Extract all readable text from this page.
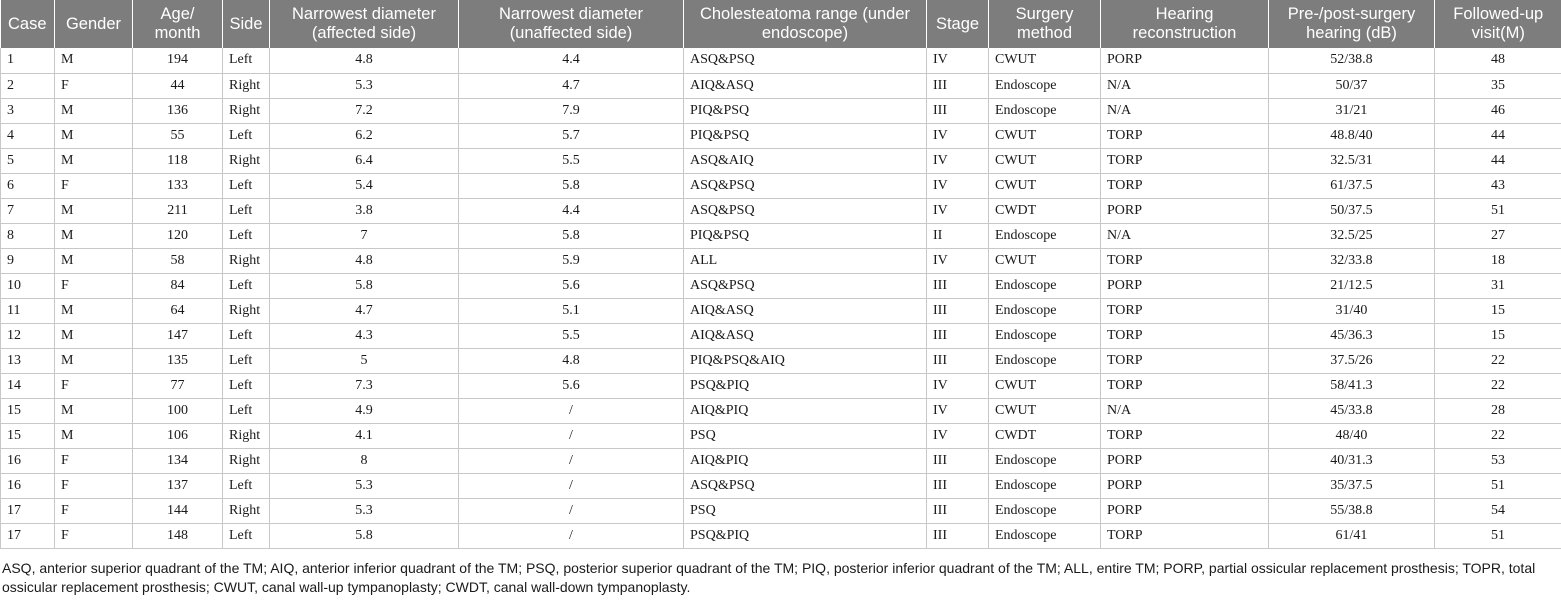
Case	Gender	Age/ month	Side	Narrowest diameter (affected side)	Narrowest diameter (unaffected side)	Cholesteatoma range (under endoscope)	Stage	Surgery method	Hearing reconstruction	Pre-/post-surgery hearing (dB)	Followed-up visit(M)
1	M	194	Left	4.8	4.4	ASQ&PSQ	IV	CWUT	PORP	52/38.8	48
2	F	44	Right	5.3	4.7	AIQ&ASQ	III	Endoscope	N/A	50/37	35
3	M	136	Right	7.2	7.9	PIQ&PSQ	III	Endoscope	N/A	31/21	46
4	M	55	Left	6.2	5.7	PIQ&PSQ	IV	CWUT	TORP	48.8/40	44
5	M	118	Right	6.4	5.5	ASQ&AIQ	IV	CWUT	TORP	32.5/31	44
6	F	133	Left	5.4	5.8	ASQ&PSQ	IV	CWUT	TORP	61/37.5	43
7	M	211	Left	3.8	4.4	ASQ&PSQ	IV	CWDT	PORP	50/37.5	51
8	M	120	Left	7	5.8	PIQ&PSQ	II	Endoscope	N/A	32.5/25	27
9	M	58	Right	4.8	5.9	ALL	IV	CWUT	TORP	32/33.8	18
10	F	84	Left	5.8	5.6	ASQ&PSQ	III	Endoscope	PORP	21/12.5	31
11	M	64	Right	4.7	5.1	AIQ&ASQ	III	Endoscope	TORP	31/40	15
12	M	147	Left	4.3	5.5	AIQ&ASQ	III	Endoscope	TORP	45/36.3	15
13	M	135	Left	5	4.8	PIQ&PSQ&AIQ	III	Endoscope	TORP	37.5/26	22
14	F	77	Left	7.3	5.6	PSQ&PIQ	IV	CWUT	TORP	58/41.3	22
15	M	100	Left	4.9	/	AIQ&PIQ	IV	CWUT	N/A	45/33.8	28
15	M	106	Right	4.1	/	PSQ	IV	CWDT	TORP	48/40	22
16	F	134	Right	8	/	AIQ&PIQ	III	Endoscope	PORP	40/31.3	53
16	F	137	Left	5.3	/	ASQ&PSQ	III	Endoscope	PORP	35/37.5	51
17	F	144	Right	5.3	/	PSQ	III	Endoscope	PORP	55/38.8	54
17	F	148	Left	5.8	/	PSQ&PIQ	III	Endoscope	TORP	61/41	51
ASQ, anterior superior quadrant of the TM; AIQ, anterior inferior quadrant of the TM; PSQ, posterior superior quadrant of the TM; PIQ, posterior inferior quadrant of the TM; ALL, entire TM; PORP, partial ossicular replacement prosthesis; TOPR, total ossicular replacement prosthesis; CWUT, canal wall-up tympanoplasty; CWDT, canal wall-down tympanoplasty.
